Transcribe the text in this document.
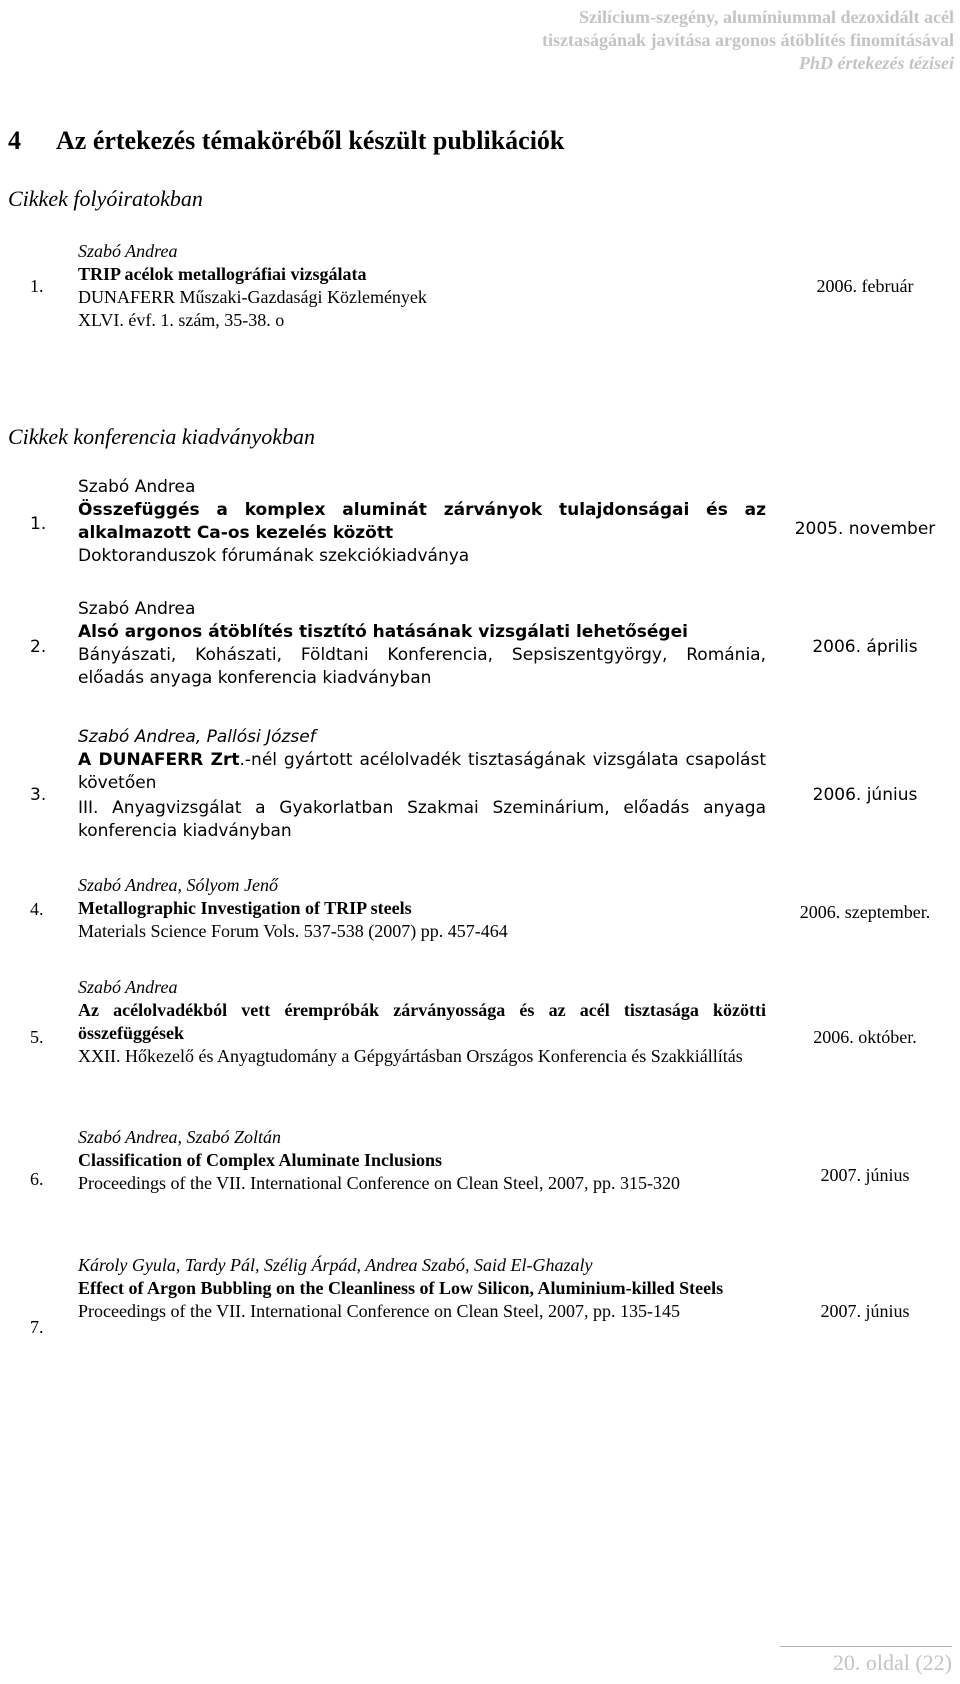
Szilícium-szegény, alumíniummal dezoxidált acél
tisztaságának javítása argonos átöblítés finomításával
PhD értekezés tézisei
4 Az értekezés témaköréből készült publikációk
Cikkek folyóiratokban
1.
Szabó Andrea
TRIP acélok metallográfiai vizsgálata
DUNAFERR Műszaki-Gazdasági Közlemények
XLVI. évf. 1. szám, 35-38. o
2006. február
Cikkek konferencia kiadványokban
1.
Szabó Andrea
Összefüggés a komplex aluminát zárványok tulajdonságai és az alkalmazott Ca-os kezelés között
Doktoranduszok fórumának szekciókiadványa
2005. november
2.
Szabó Andrea
Alsó argonos átöblítés tisztító hatásának vizsgálati lehetőségei
Bányászati, Kohászati, Földtani Konferencia, Sepsiszentgyörgy, Románia, előadás anyaga konferencia kiadványban
2006. április
3.
Szabó Andrea, Pallósi József
A DUNAFERR Zrt.-nél gyártott acélolvadék tisztaságának vizsgálata csapolást követően
III. Anyagvizsgálat a Gyakorlatban Szakmai Szeminárium, előadás anyaga konferencia kiadványban
2006. június
4.
Szabó Andrea, Sólyom Jenő
Metallographic Investigation of TRIP steels
Materials Science Forum Vols. 537-538 (2007) pp. 457-464
2006. szeptember.
5.
Szabó Andrea
Az acélolvadékból vett érempróbák zárványossága és az acél tisztasága közötti összefüggések
XXII. Hőkezelő és Anyagtudomány a Gépgyártásban Országos Konferencia és Szakkiállítás
2006. október.
6.
Szabó Andrea, Szabó Zoltán
Classification of Complex Aluminate Inclusions
Proceedings of the VII. International Conference on Clean Steel, 2007, pp. 315-320	2007. június
7.
Károly Gyula, Tardy Pál, Szélig Árpád, Andrea Szabó, Said El-Ghazaly
Effect of Argon Bubbling on the Cleanliness of Low Silicon, Aluminium-killed Steels
Proceedings of the VII. International Conference on Clean Steel, 2007, pp. 135-145	2007. június
20. oldal (22)
